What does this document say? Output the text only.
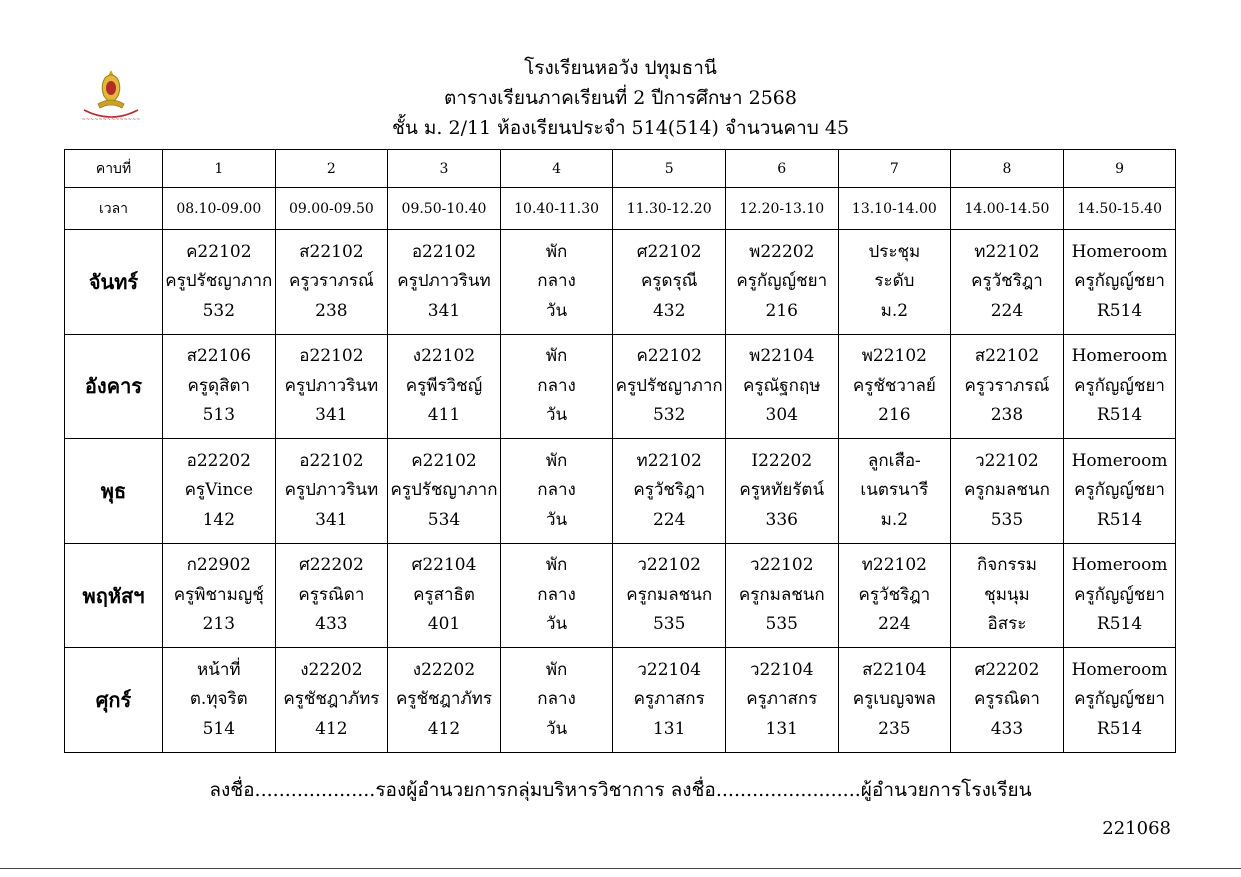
~~~~~~~~~~~~~~
โรงเรียนหอวัง ปทุมธานี
ตารางเรียนภาคเรียนที่ 2 ปีการศึกษา 2568
ชั้น ม. 2/11 ห้องเรียนประจำ 514(514) จำนวนคาบ 45
คาบที่	1	2	3	4	5	6	7	8	9
เวลา	08.10-09.00	09.00-09.50	09.50-10.40	10.40-11.30	11.30-12.20	12.20-13.10	13.10-14.00	14.00-14.50	14.50-15.40
จันทร์	ค22102
ครูปรัชญาภาก
532	ส22102
ครูวราภรณ์
238	อ22102
ครูปภาวรินท
341	พัก
กลาง
วัน	ศ22102
ครูดรุณี
432	พ22202
ครูกัญญ์ชยา
216	ประชุม
ระดับ
ม.2	ท22102
ครูวัชริฎา
224	Homeroom
ครูกัญญ์ชยา
R514

อังคาร	ส22106
ครูดุสิตา
513	อ22102
ครูปภาวรินท
341	ง22102
ครูพีรวิชญ์
411	พัก
กลาง
วัน	ค22102
ครูปรัชญาภาก
532	พ22104
ครูณัฐกฤษ
304	พ22102
ครูชัชวาลย์
216	ส22102
ครูวราภรณ์
238	Homeroom
ครูกัญญ์ชยา
R514

พุธ	อ22202
ครูVince
142	อ22102
ครูปภาวรินท
341	ค22102
ครูปรัชญาภาก
534	พัก
กลาง
วัน	ท22102
ครูวัชริฎา
224	I22202
ครูหทัยรัตน์
336	ลูกเสือ-
เนตรนารี
ม.2	ว22102
ครูกมลชนก
535	Homeroom
ครูกัญญ์ชยา
R514

พฤหัสฯ	ก22902
ครูพิชามญชุ์
213	ศ22202
ครูรณิดา
433	ศ22104
ครูสาธิต
401	พัก
กลาง
วัน	ว22102
ครูกมลชนก
535	ว22102
ครูกมลชนก
535	ท22102
ครูวัชริฎา
224	กิจกรรม
ชุมนุม
อิสระ	Homeroom
ครูกัญญ์ชยา
R514

ศุกร์	หน้าที่
ต.ทุจริต
514	ง22202
ครูชัชฎาภัทร
412	ง22202
ครูชัชฎาภัทร
412	พัก
กลาง
วัน	ว22104
ครูภาสกร
131	ว22104
ครูภาสกร
131	ส22104
ครูเบญจพล
235	ศ22202
ครูรณิดา
433	Homeroom
ครูกัญญ์ชยา
R514
ลงชื่อ....................รองผู้อำนวยการกลุ่มบริหารวิชาการ ลงชื่อ........................ผู้อำนวยการโรงเรียน
221068
